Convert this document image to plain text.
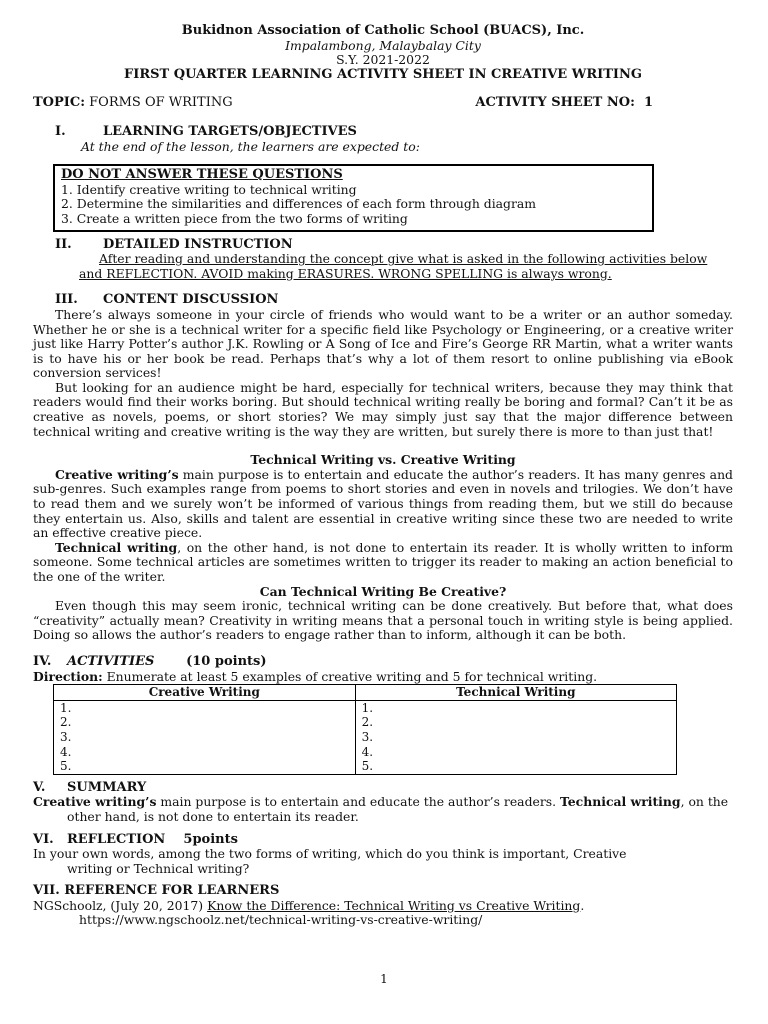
Bukidnon Association of Catholic School (BUACS), Inc.
Impalambong, Malaybalay City
S.Y. 2021-2022
FIRST QUARTER LEARNING ACTIVITY SHEET IN CREATIVE WRITING
TOPIC: FORMS OF WRITING	ACTIVITY SHEET NO: 1
I.	LEARNING TARGETS/OBJECTIVES
At the end of the lesson, the learners are expected to:
DO NOT ANSWER THESE QUESTIONS
1. Identify creative writing to technical writing
2. Determine the similarities and differences of each form through diagram
3. Create a written piece from the two forms of writing
II. DETAILED INSTRUCTION
After reading and understanding the concept give what is asked in the following activities below
and REFLECTION. AVOID making ERASURES. WRONG SPELLING is always wrong.
III. CONTENT DISCUSSION

There’s always someone in your circle of friends who would want to be a writer or an author someday. Whether he or she is a technical writer for a specific field like Psychology or Engineering, or a creative writer just like Harry Potter’s author J.K. Rowling or A Song of Ice and Fire’s George RR Martin, what a writer wants is to have his or her book be read. Perhaps that’s why a lot of them resort to online publishing via eBook conversion services!

But looking for an audience might be hard, especially for technical writers, because they may think that readers would find their works boring. But should technical writing really be boring and formal? Can’t it be as creative as novels, poems, or short stories? We may simply just say that the major difference between technical writing and creative writing is the way they are written, but surely there is more to than just that!

Technical Writing vs. Creative Writing

Creative writing’s main purpose is to entertain and educate the author’s readers. It has many genres and sub-genres. Such examples range from poems to short stories and even in novels and trilogies. We don’t have to read them and we surely won’t be informed of various things from reading them, but we still do because they entertain us. Also, skills and talent are essential in creative writing since these two are needed to write an effective creative piece.

Technical writing, on the other hand, is not done to entertain its reader. It is wholly written to inform someone. Some technical articles are sometimes written to trigger its reader to making an action beneficial to the one of the writer.

Can Technical Writing Be Creative?

Even though this may seem ironic, technical writing can be done creatively. But before that, what does “creativity” actually mean? Creativity in writing means that a personal touch in writing style is being applied. Doing so allows the author’s readers to engage rather than to inform, although it can be both.

IV. ACTIVITIES (10 points)
Direction: Enumerate at least 5 examples of creative writing and 5 for technical writing.
Creative Writing	Technical Writing
1.	1.
2.	2.
3.	3.
4.	4.
5.	5.
V. SUMMARY

Creative writing’s main purpose is to entertain and educate the author’s readers. Technical writing, on the other hand, is not done to entertain its reader.

VI. REFLECTION 5points

In your own words, among the two forms of writing, which do you think is important, Creative writing or Technical writing?

VII. REFERENCE FOR LEARNERS
NGSchoolz, (July 20, 2017) Know the Difference: Technical Writing vs Creative Writing.
https://www.ngschoolz.net/technical-writing-vs-creative-writing/
1
